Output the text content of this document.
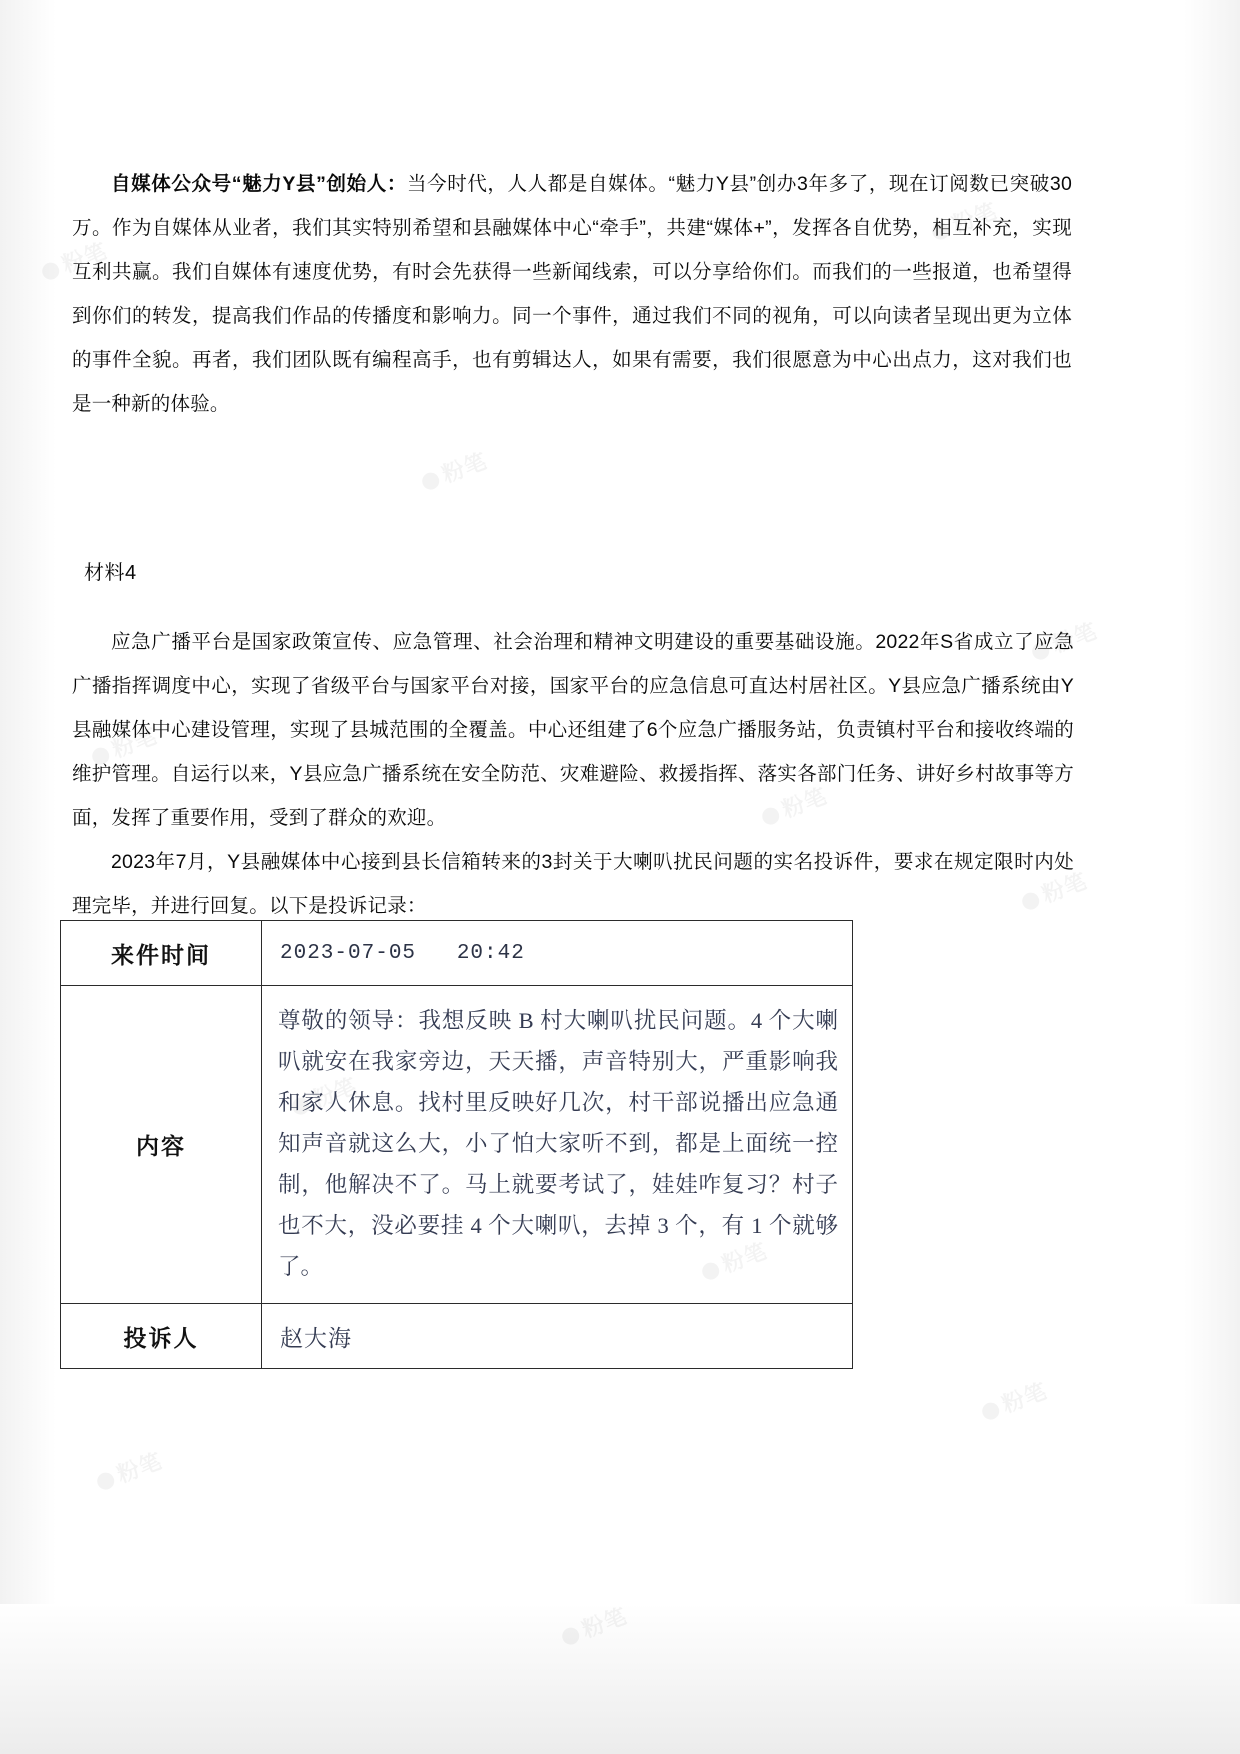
自媒体公众号“魅力Y县”创始人：当今时代，人人都是自媒体。“魅力Y县”创办3年多了，现在订阅数已突破30万。作为自媒体从业者，我们其实特别希望和县融媒体中心“牵手”，共建“媒体+”，发挥各自优势，相互补充，实现互利共赢。我们自媒体有速度优势，有时会先获得一些新闻线索，可以分享给你们。而我们的一些报道，也希望得到你们的转发，提高我们作品的传播度和影响力。同一个事件，通过我们不同的视角，可以向读者呈现出更为立体的事件全貌。再者，我们团队既有编程高手，也有剪辑达人，如果有需要，我们很愿意为中心出点力，这对我们也是一种新的体验。

材料4

应急广播平台是国家政策宣传、应急管理、社会治理和精神文明建设的重要基础设施。2022年S省成立了应急广播指挥调度中心，实现了省级平台与国家平台对接，国家平台的应急信息可直达村居社区。Y县应急广播系统由Y县融媒体中心建设管理，实现了县城范围的全覆盖。中心还组建了6个应急广播服务站，负责镇村平台和接收终端的维护管理。自运行以来，Y县应急广播系统在安全防范、灾难避险、救援指挥、落实各部门任务、讲好乡村故事等方面，发挥了重要作用，受到了群众的欢迎。

2023年7月，Y县融媒体中心接到县长信箱转来的3封关于大喇叭扰民问题的实名投诉件，要求在规定限时内处理完毕，并进行回复。以下是投诉记录：

来件时间	2023-07-05   20:42

内容	尊敬的领导：我想反映 B 村大喇叭扰民问题。4 个大喇叭就安在我家旁边，天天播，声音特别大，严重影响我和家人休息。找村里反映好几次，村干部说播出应急通知声音就这么大，小了怕大家听不到，都是上面统一控制，他解决不了。马上就要考试了，娃娃咋复习？村子也不大，没必要挂 4 个大喇叭，去掉 3 个，有 1 个就够了。

投诉人	赵大海
